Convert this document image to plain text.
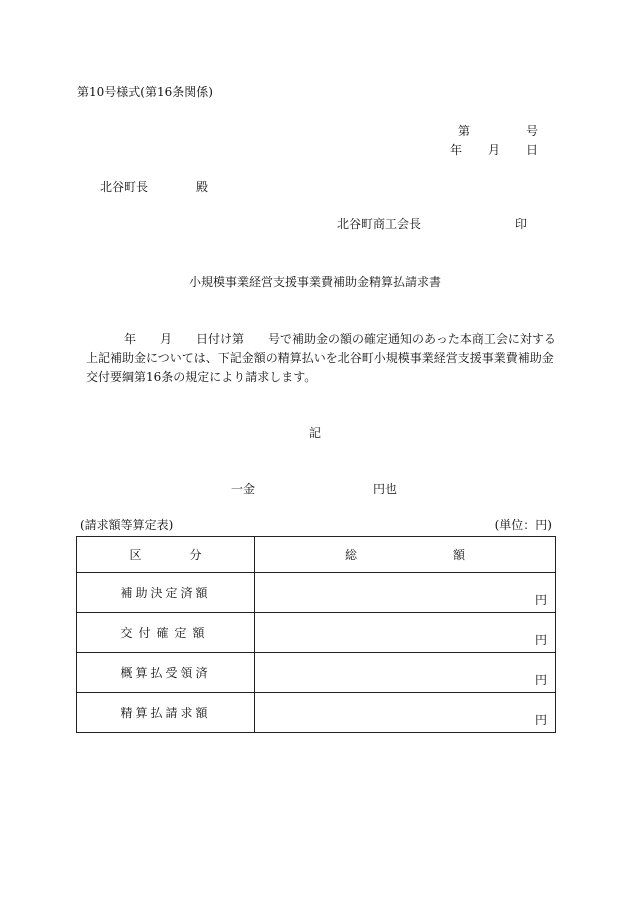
第10号様式(第16条関係)
第	号
年 月 日
北谷町長	殿
北谷町商工会長	印
小規模事業経営支援事業費補助金精算払請求書

年　　月　　日付け第　　号で補助金の額の確定通知のあった本商工会に対する

上記補助金については、下記金額の精算払いを北谷町小規模事業経営支援事業費補助金

交付要綱第16条の規定により請求します。

記
一金	円也
(請求額等算定表)	(単位：円)
区　　　　分	総　　　　　　　　額
補助決定済額	円
交付確定額	円
概算払受領済	円
精算払請求額	円
